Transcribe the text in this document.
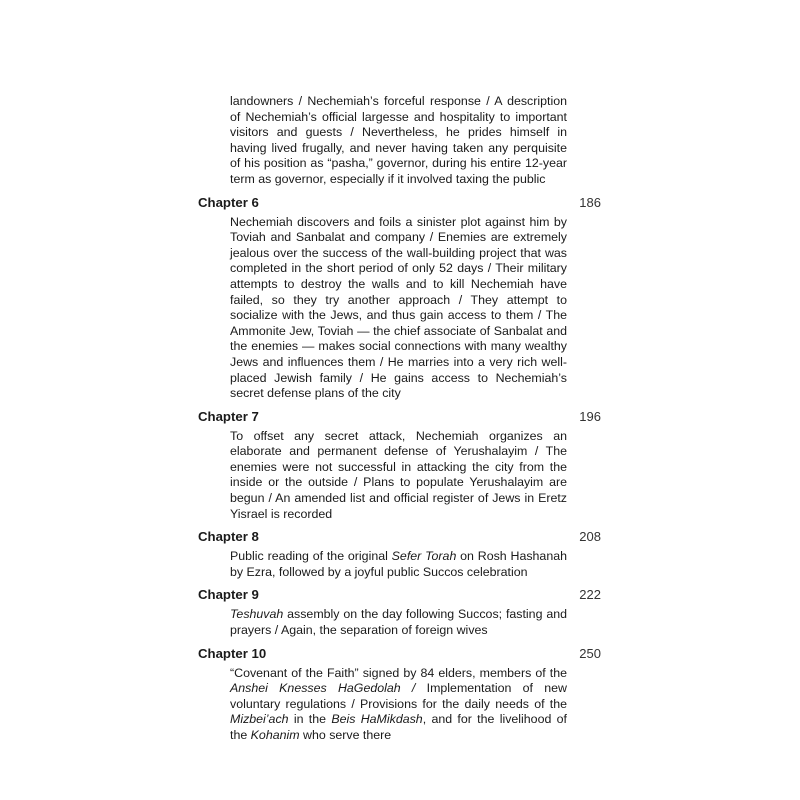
landowners / Nechemiah’s forceful response / A description of Nechemiah’s official largesse and hospitality to important visitors and guests / Nevertheless, he prides himself in having lived frugally, and never having taken any perquisite of his position as “pasha,” governor, during his entire 12-year term as governor, especially if it involved taxing the public
Chapter 6	186
Nechemiah discovers and foils a sinister plot against him by Toviah and Sanbalat and company / Enemies are extremely jealous over the success of the wall-building project that was completed in the short period of only 52 days / Their military attempts to destroy the walls and to kill Nechemiah have failed, so they try another approach / They attempt to socialize with the Jews, and thus gain access to them / The Ammonite Jew, Toviah — the chief associate of Sanbalat and the enemies — makes social connections with many wealthy Jews and influences them / He marries into a very rich well-placed Jewish family / He gains access to Nechemiah’s secret defense plans of the city
Chapter 7	196
To offset any secret attack, Nechemiah organizes an elaborate and permanent defense of Yerushalayim / The enemies were not successful in attacking the city from the inside or the outside / Plans to populate Yerushalayim are begun / An amended list and official register of Jews in Eretz Yisrael is recorded
Chapter 8	208
Public reading of the original Sefer Torah on Rosh Hashanah by Ezra, followed by a joyful public Succos celebration
Chapter 9	222
Teshuvah assembly on the day following Succos; fasting and prayers / Again, the separation of foreign wives
Chapter 10	250
“Covenant of the Faith” signed by 84 elders, members of the Anshei Knesses HaGedolah / Implementation of new voluntary regulations / Provisions for the daily needs of the Mizbei’ach in the Beis HaMikdash, and for the livelihood of the Kohanim who serve there
